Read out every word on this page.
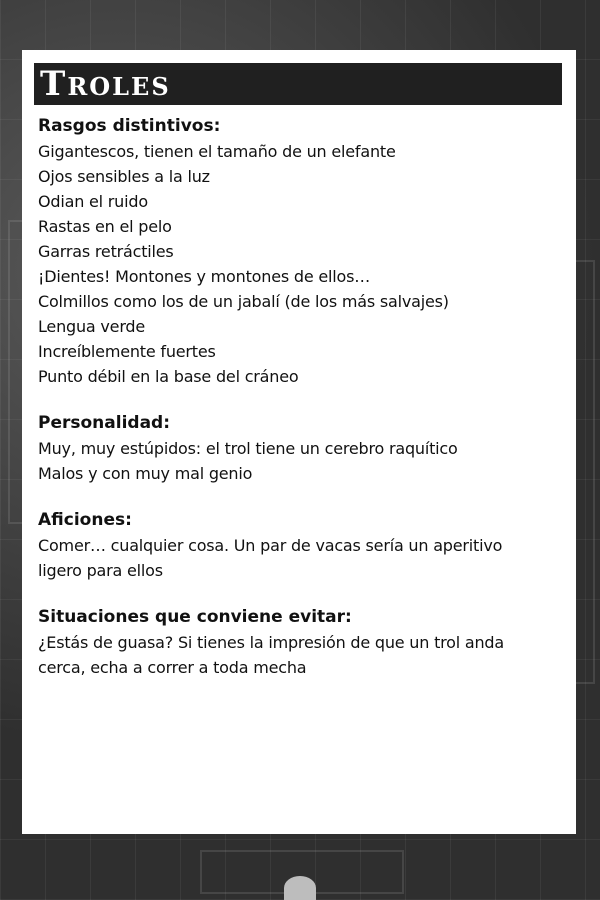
TROLES

Rasgos distintivos:

Gigantescos, tienen el tamaño de un elefante

Ojos sensibles a la luz

Odian el ruido

Rastas en el pelo

Garras retráctiles

¡Dientes! Montones y montones de ellos…

Colmillos como los de un jabalí (de los más salvajes)

Lengua verde

Increíblemente fuertes

Punto débil en la base del cráneo

Personalidad:

Muy, muy estúpidos: el trol tiene un cerebro raquítico

Malos y con muy mal genio

Aficiones:

Comer… cualquier cosa. Un par de vacas sería un aperitivo

ligero para ellos

Situaciones que conviene evitar:

¿Estás de guasa? Si tienes la impresión de que un trol anda

cerca, echa a correr a toda mecha
